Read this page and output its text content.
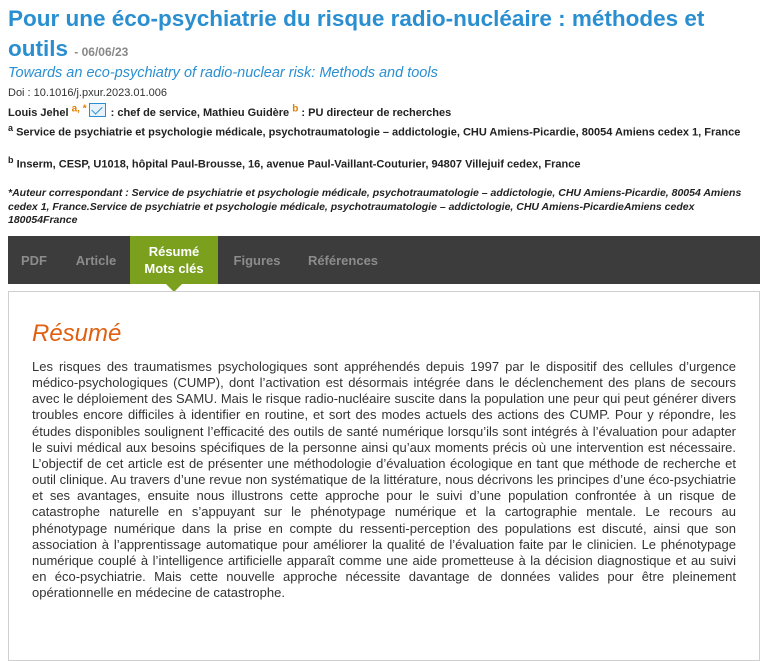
Pour une éco-psychiatrie du risque radio-nucléaire : méthodes et outils - 06/06/23
Towards an eco-psychiatry of radio-nuclear risk: Methods and tools
Doi : 10.1016/j.pxur.2023.01.006
Louis Jehel $^{a, *}$ : chef de service, Mathieu Guidère $^b$ : PU directeur de recherches
$^a$ Service de psychiatrie et psychologie médicale, psychotraumatologie – addictologie, CHU Amiens-Picardie, 80054 Amiens cedex 1, France
$^b$ Inserm, CESP, U1018, hôpital Paul-Brousse, 16, avenue Paul-Vaillant-Couturier, 94807 Villejuif cedex, France
*Auteur correspondant : Service de psychiatrie et psychologie médicale, psychotraumatologie – addictologie, CHU Amiens-Picardie, 80054 Amiens cedex 1, France.Service de psychiatrie et psychologie médicale, psychotraumatologie – addictologie, CHU Amiens-PicardieAmiens cedex 180054France
PDF	Article
Résumé
Mots clés
Figures	Références
Résumé

Les risques des traumatismes psychologiques sont appréhendés depuis 1997 par le dispositif des cellules d’urgence médico-psychologiques (CUMP), dont l’activation est désormais intégrée dans le déclenchement des plans de secours avec le déploiement des SAMU. Mais le risque radio-nucléaire suscite dans la population une peur qui peut générer divers troubles encore difficiles à identifier en routine, et sort des modes actuels des actions des CUMP. Pour y répondre, les études disponibles soulignent l’efficacité des outils de santé numérique lorsqu’ils sont intégrés à l’évaluation pour adapter le suivi médical aux besoins spécifiques de la personne ainsi qu’aux moments précis où une intervention est nécessaire. L’objectif de cet article est de présenter une méthodologie d’évaluation écologique en tant que méthode de recherche et outil clinique. Au travers d’une revue non systématique de la littérature, nous décrivons les principes d’une éco-psychiatrie et ses avantages, ensuite nous illustrons cette approche pour le suivi d’une population confrontée à un risque de catastrophe naturelle en s’appuyant sur le phénotypage numérique et la cartographie mentale. Le recours au phénotypage numérique dans la prise en compte du ressenti-perception des populations est discuté, ainsi que son association à l’apprentissage automatique pour améliorer la qualité de l’évaluation faite par le clinicien. Le phénotypage numérique couplé à l’intelligence artificielle apparaît comme une aide prometteuse à la décision diagnostique et au suivi en éco-psychiatrie. Mais cette nouvelle approche nécessite davantage de données valides pour être pleinement opérationnelle en médecine de catastrophe.
